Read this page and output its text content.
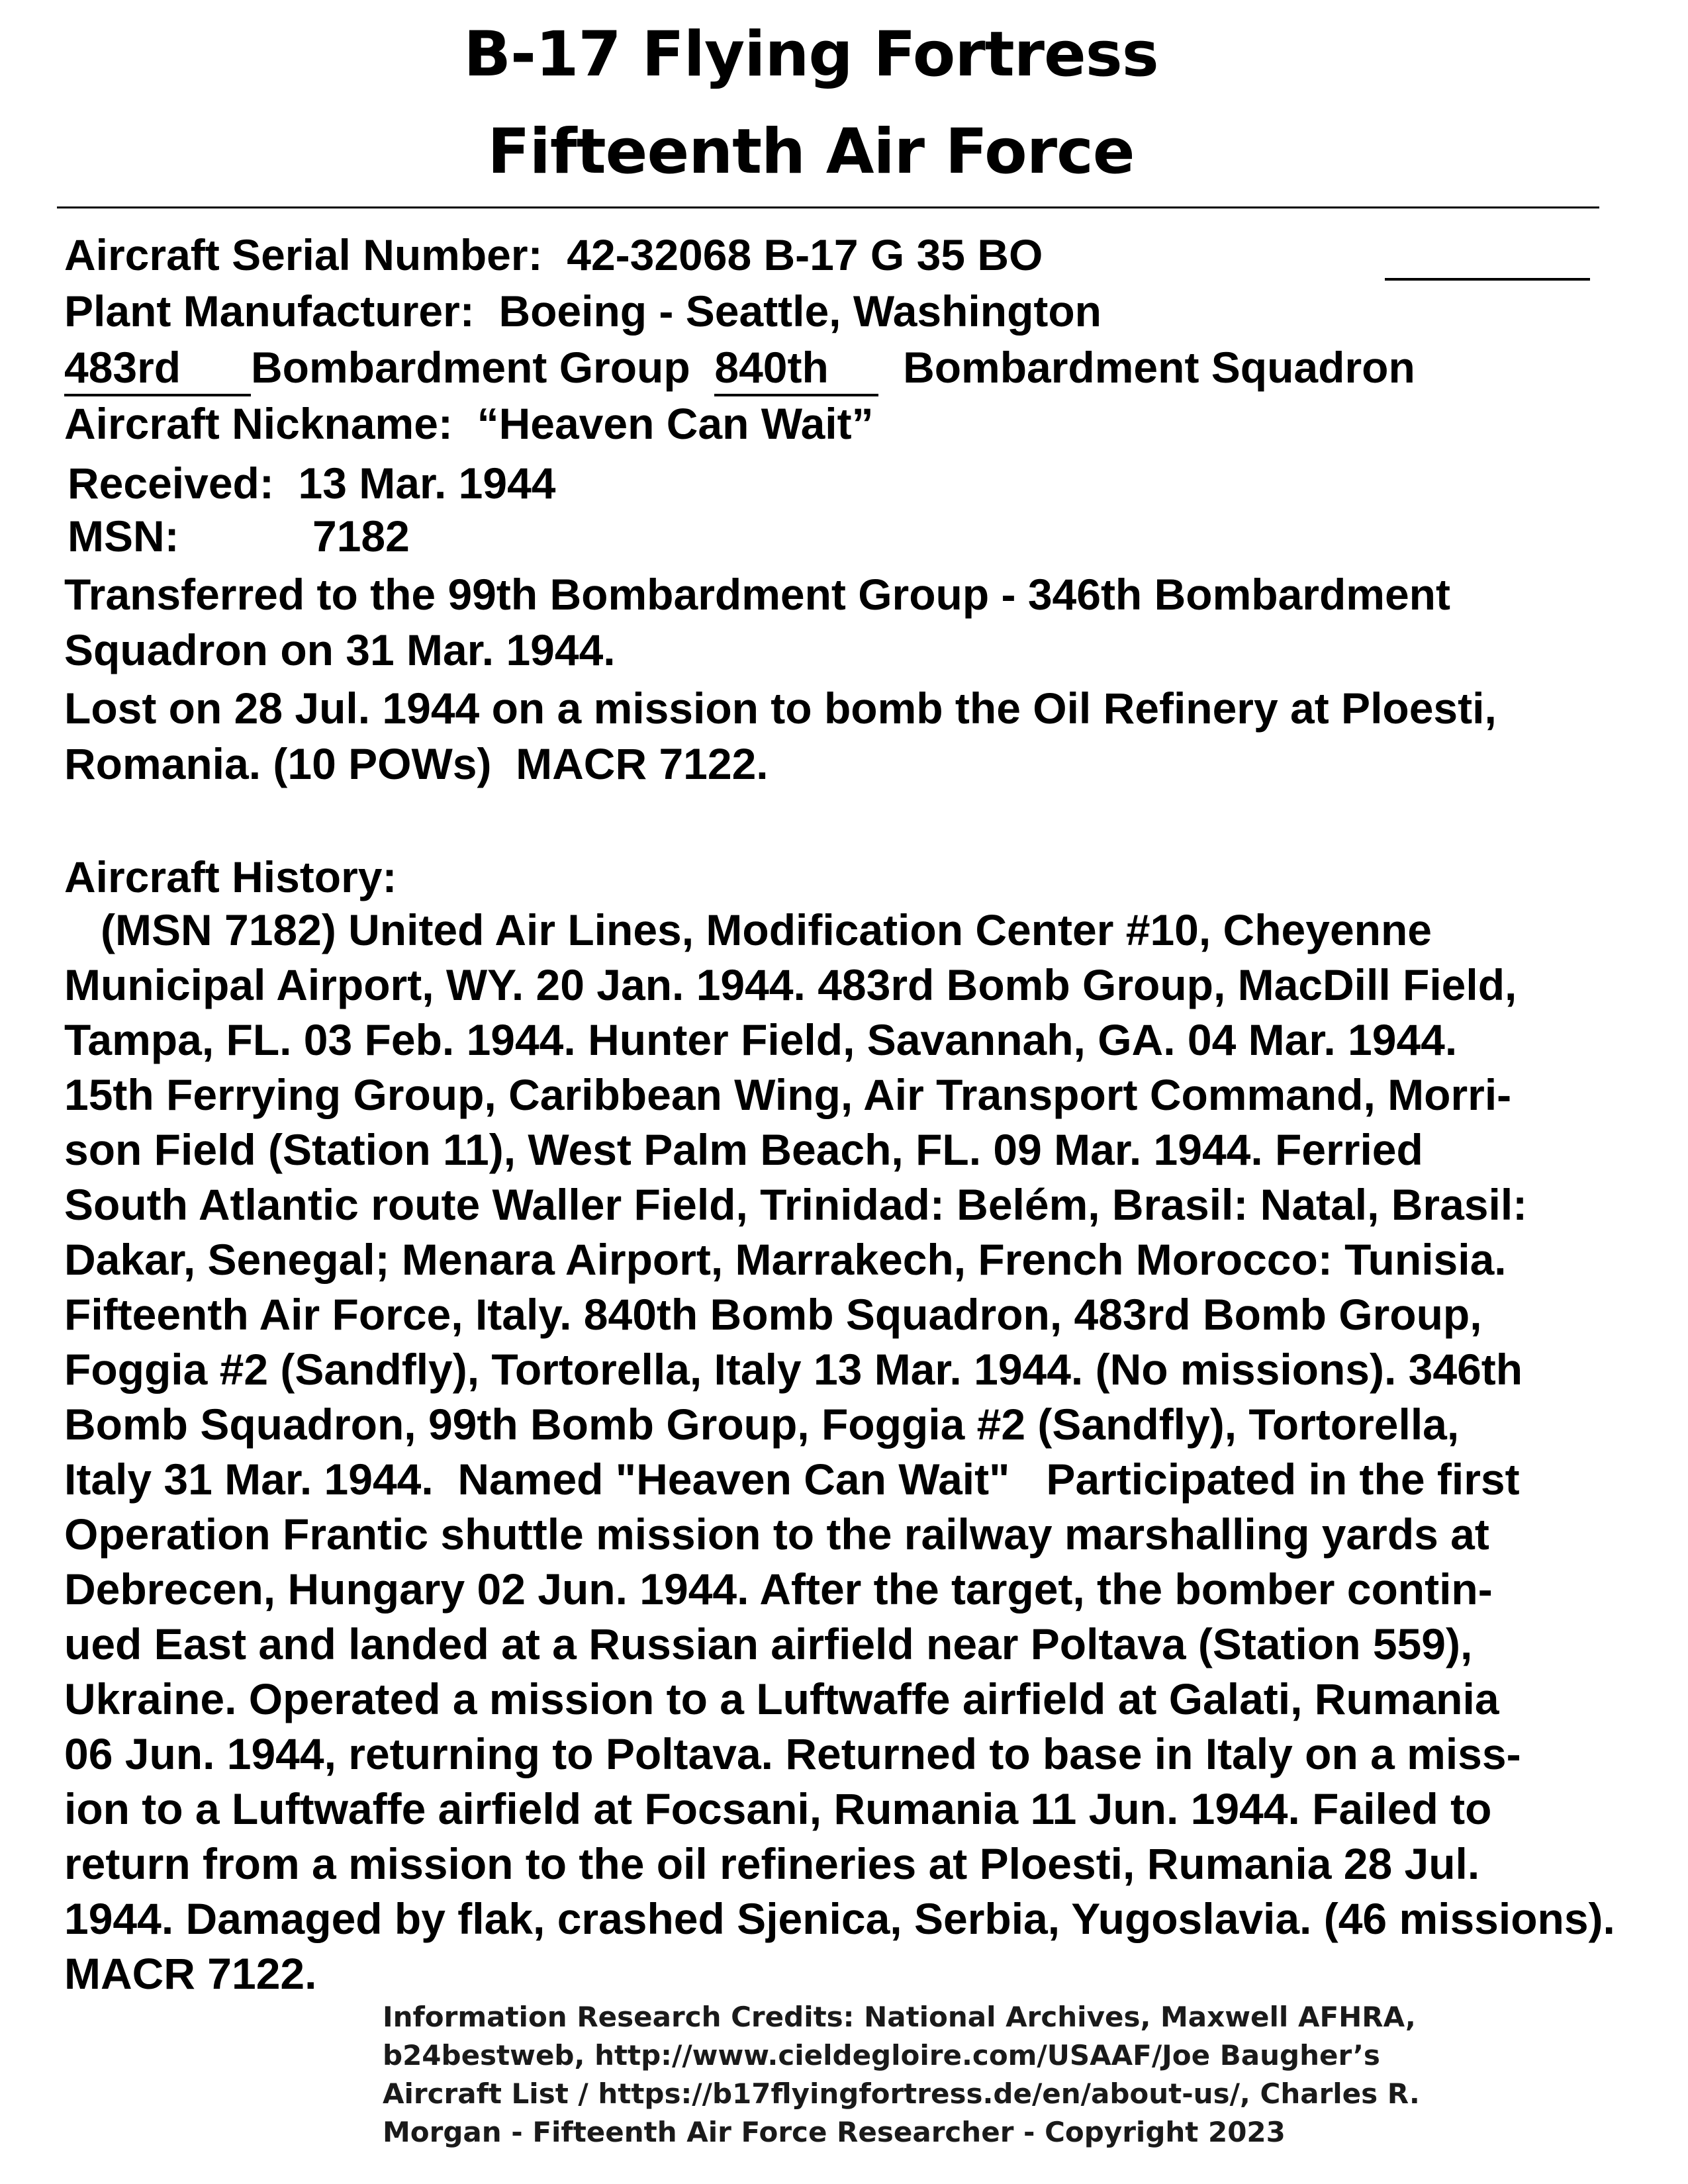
B-17 Flying Fortress
Fifteenth Air Force
Aircraft Serial Number: 42-32068 B-17 G 35 BO
Plant Manufacturer: Boeing - Seattle, Washington
483rd Bombardment Group 840th Bombardment Squadron
Aircraft Nickname: “Heaven Can Wait”
Received: 13 Mar. 1944
MSN:	7182
Transferred to the 99th Bombardment Group - 346th Bombardment
Squadron on 31 Mar. 1944.
Lost on 28 Jul. 1944 on a mission to bomb the Oil Refinery at Ploesti,
Romania. (10 POWs)  MACR 7122.
Aircraft History:
(MSN 7182) United Air Lines, Modification Center #10, Cheyenne
Municipal Airport, WY. 20 Jan. 1944. 483rd Bomb Group, MacDill Field,
Tampa, FL. 03 Feb. 1944. Hunter Field, Savannah, GA. 04 Mar. 1944.
15th Ferrying Group, Caribbean Wing, Air Transport Command, Morri-
son Field (Station 11), West Palm Beach, FL. 09 Mar. 1944. Ferried
South Atlantic route Waller Field, Trinidad: Belém, Brasil: Natal, Brasil:
Dakar, Senegal; Menara Airport, Marrakech, French Morocco: Tunisia.
Fifteenth Air Force, Italy. 840th Bomb Squadron, 483rd Bomb Group,
Foggia #2 (Sandfly), Tortorella, Italy 13 Mar. 1944. (No missions). 346th
Bomb Squadron, 99th Bomb Group, Foggia #2 (Sandfly), Tortorella,
Italy 31 Mar. 1944.  Named "Heaven Can Wait"   Participated in the first
Operation Frantic shuttle mission to the railway marshalling yards at
Debrecen, Hungary 02 Jun. 1944. After the target, the bomber contin-
ued East and landed at a Russian airfield near Poltava (Station 559),
Ukraine. Operated a mission to a Luftwaffe airfield at Galati, Rumania
06 Jun. 1944, returning to Poltava. Returned to base in Italy on a miss-
ion to a Luftwaffe airfield at Focsani, Rumania 11 Jun. 1944. Failed to
return from a mission to the oil refineries at Ploesti, Rumania 28 Jul.
1944. Damaged by flak, crashed Sjenica, Serbia, Yugoslavia. (46 missions).
MACR 7122.
Information Research Credits: National Archives, Maxwell AFHRA,
b24bestweb, http://www.cieldegloire.com/USAAF/Joe Baugher’s
Aircraft List / https://b17flyingfortress.de/en/about-us/, Charles R.
Morgan - Fifteenth Air Force Researcher - Copyright 2023
